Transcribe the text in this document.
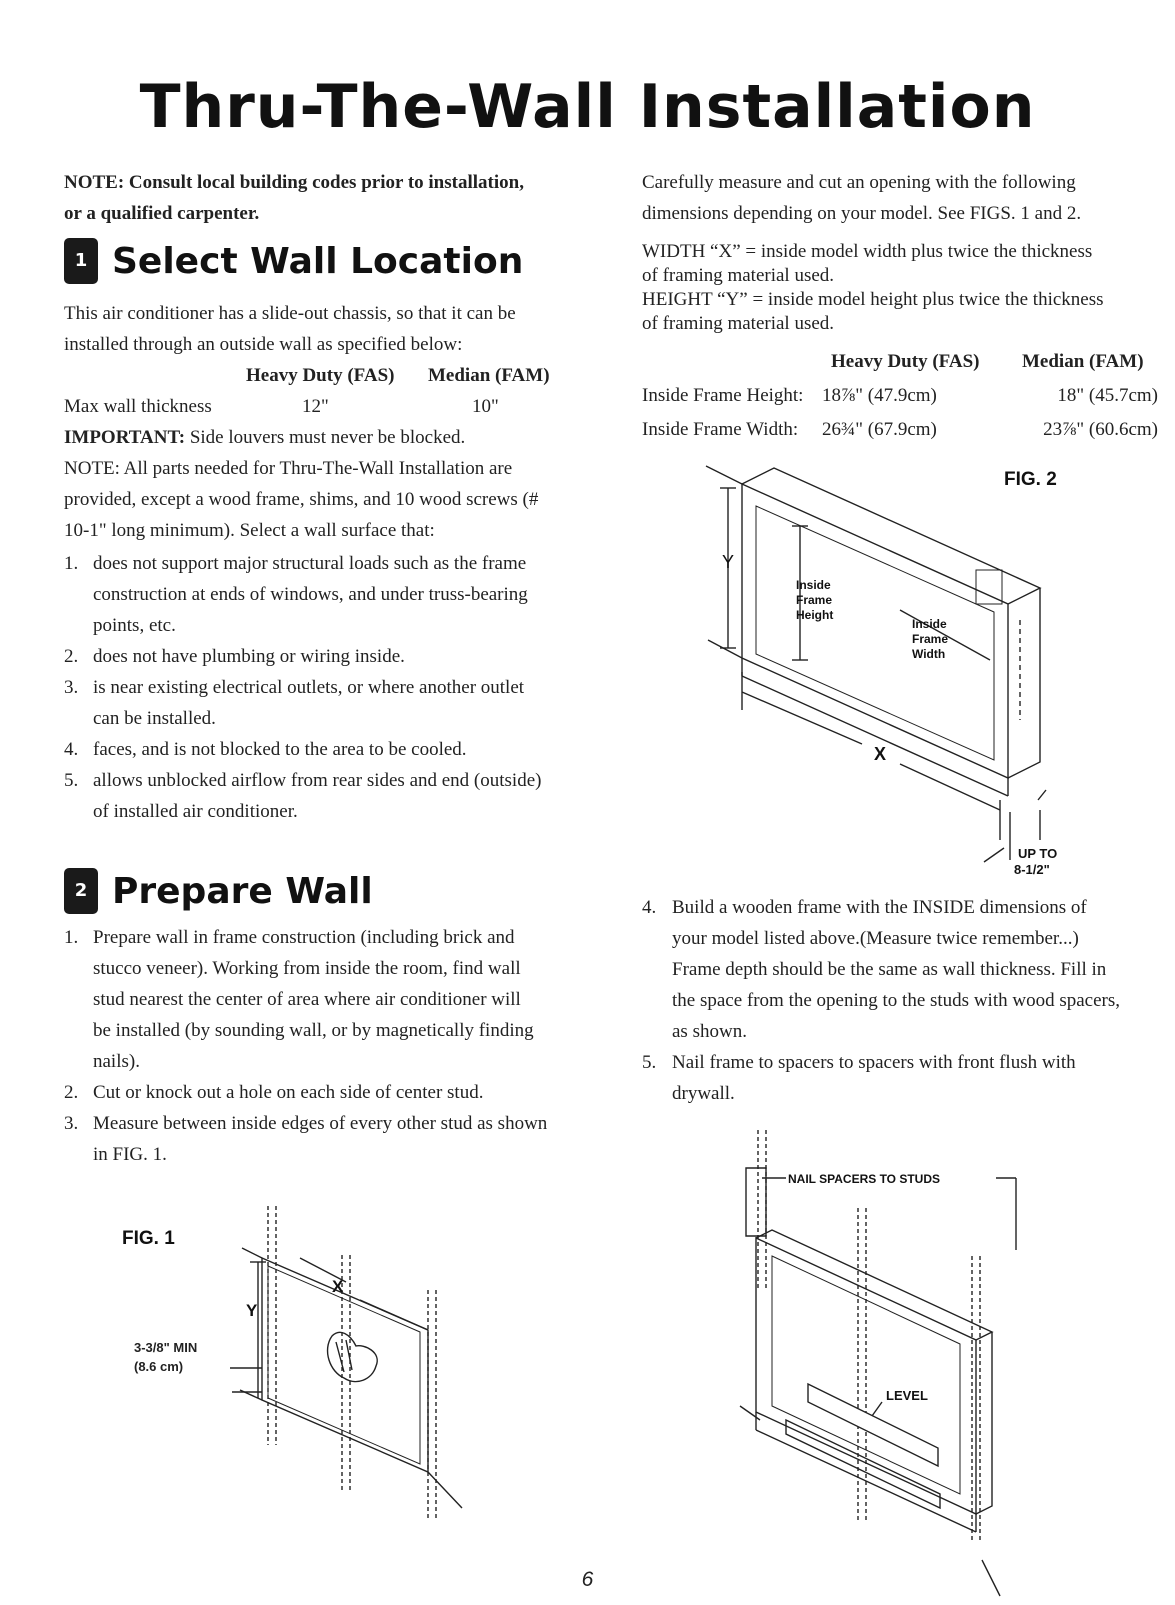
Thru-The-Wall Installation
NOTE: Consult local building codes prior to installation,
or a qualified carpenter.
1 Select Wall Location
This air conditioner has a slide-out chassis, so that it can be
installed through an outside wall as specified below:
Heavy Duty (FAS)	Median (FAM)
Max wall thickness	12"	10"
IMPORTANT: Side louvers must never be blocked.
NOTE: All parts needed for Thru-The-Wall Installation are
provided, except a wood frame, shims, and 10 wood screws (#
10-1" long minimum). Select a wall surface that:
1. does not support major structural loads such as the frame
construction at ends of windows, and under truss-bearing
points, etc.
2. does not have plumbing or wiring inside.
3. is near existing electrical outlets, or where another outlet
can be installed.
4. faces, and is not blocked to the area to be cooled.
5. allows unblocked airflow from rear sides and end (outside)
of installed air conditioner.
2 Prepare Wall
1. Prepare wall in frame construction (including brick and
stucco veneer). Working from inside the room, find wall
stud nearest the center of area where air conditioner will
be installed (by sounding wall, or by magnetically finding
nails).
2. Cut or knock out a hole on each side of center stud.
3. Measure between inside edges of every other stud as shown
in FIG. 1.
FIG. 1
3-3/8" MIN
(8.6 cm)
Y
X
Carefully measure and cut an opening with the following
dimensions depending on your model. See FIGS. 1 and 2.
WIDTH “X” = inside model width plus twice the thickness
of framing material used.
HEIGHT “Y” = inside model height plus twice the thickness
of framing material used.
Heavy Duty (FAS)	Median (FAM)
Inside Frame Height: 18⅞" (47.9cm)	18" (45.7cm)
Inside Frame Width:	26¾" (67.9cm)	23⅞" (60.6cm)
FIG. 2
Y
X
Inside
Frame
Height
Inside
Frame
Width
UP TO
8-1/2"
4. Build a wooden frame with the INSIDE dimensions of
your model listed above.(Measure twice remember...)
Frame depth should be the same as wall thickness. Fill in
the space from the opening to the studs with wood spacers,
as shown.
5. Nail frame to spacers to spacers with front flush with
drywall.
NAIL SPACERS TO STUDS
LEVEL
6
